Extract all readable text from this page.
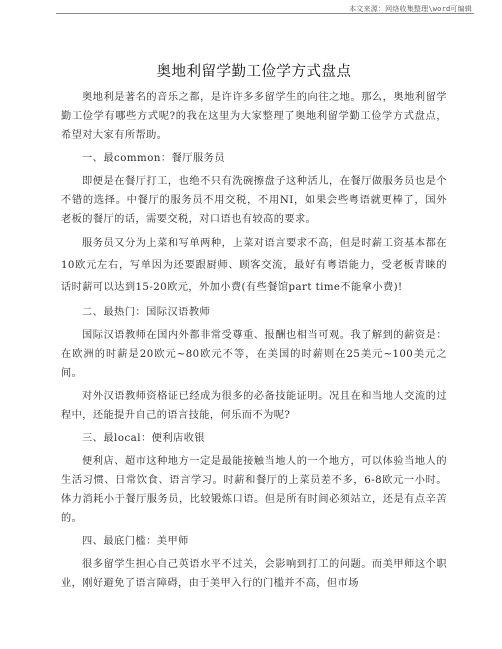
本文来源：网络收集整理\word可编辑
奥地利留学勤工俭学方式盘点

奥地利是著名的音乐之都，是许许多多留学生的向往之地。那么，奥地利留学勤工俭学有哪些方式呢?的我在这里为大家整理了奥地利留学勤工俭学方式盘点，希望对大家有所帮助。

一、最common：餐厅服务员

即便是在餐厅打工，也绝不只有洗碗擦盘子这种活儿，在餐厅做服务员也是个不错的选择。中餐厅的服务员不用交税，不用NI，如果会些粤语就更棒了，国外老板的餐厅的话，需要交税，对口语也有较高的要求。

服务员又分为上菜和写单两种，上菜对语言要求不高，但是时薪工资基本都在10欧元左右，写单因为还要跟厨师、顾客交流，最好有粤语能力，受老板青睐的话时薪可以达到15-20欧元，外加小费(有些餐馆part time不能拿小费)!

二、最热门：国际汉语教师

国际汉语教师在国内外都非常受尊重、报酬也相当可观。我了解到的薪资是：在欧洲的时薪是20欧元~80欧元不等，在美国的时薪则在25美元~100美元之间。

对外汉语教师资格证已经成为很多的必备技能证明。况且在和当地人交流的过程中，还能提升自己的语言技能，何乐而不为呢?

三、最local：便利店收银

便利店、超市这种地方一定是最能接触当地人的一个地方，可以体验当地人的生活习惯、日常饮食、语言学习。时薪和餐厅的上菜员差不多，6-8欧元一小时。体力消耗小于餐厅服务员，比较锻炼口语。但是所有时间必须站立，还是有点辛苦的。

四、最底门槛：美甲师

很多留学生担心自己英语水平不过关，会影响到打工的问题。而美甲师这个职业，刚好避免了语言障碍，由于美甲入行的门槛并不高，但市场
